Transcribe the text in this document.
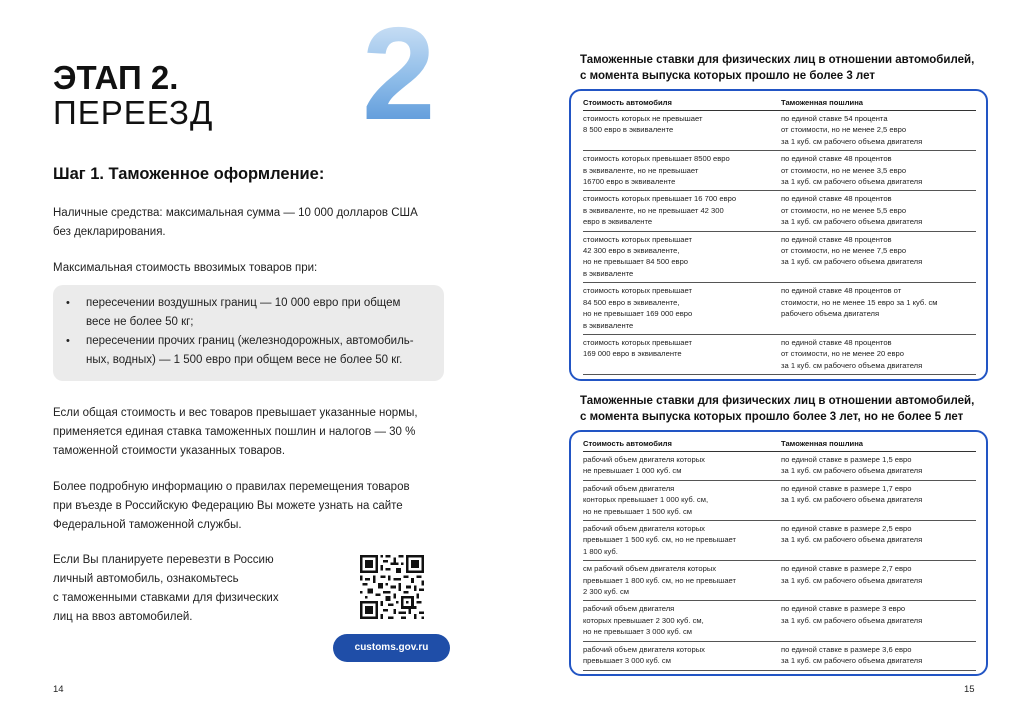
2
ЭТАП 2.
ПЕРЕЕЗД
Шаг 1. Таможенное оформление:
Наличные средства: максимальная сумма — 10 000 долларов США
без декларирования.
Максимальная стоимость ввозимых товаров при:
• пересечении воздушных границ — 10 000 евро при общем
весе не более 50 кг;
• пересечении прочих границ (железнодорожных, автомобиль-
ных, водных) — 1 500 евро при общем весе не более 50 кг.
Если общая стоимость и вес товаров превышает указанные нормы,
применяется единая ставка таможенных пошлин и налогов — 30 %
таможенной стоимости указанных товаров.
Более подробную информацию о правилах перемещения товаров
при въезде в Российскую Федерацию Вы можете узнать на сайте
Федеральной таможенной службы.
Если Вы планируете перевезти в Россию
личный автомобиль, ознакомьтесь
с таможенными ставками для физических
лиц на ввоз автомобилей.
customs.gov.ru
14
Таможенные ставки для физических лиц в отношении автомобилей,
с момента выпуска которых прошло не более 3 лет
Стоимость автомобиля	Таможенная пошлина

стоимость которых не превышает
8 500 евро в эквиваленте	по единой ставке 54 процента
от стоимости, но не менее 2,5 евро
за 1 куб. см рабочего объема двигателя

стоимость которых превышает 8500 евро
в эквиваленте, но не превышает
16700 евро в эквиваленте	по единой ставке 48 процентов
от стоимости, но не менее 3,5 евро
за 1 куб. см рабочего объема двигателя

стоимость которых превышает 16 700 евро
в эквиваленте, но не превышает 42 300
евро в эквиваленте	по единой ставке 48 процентов
от стоимости, но не менее 5,5 евро
за 1 куб. см рабочего объема двигателя

стоимость которых превышает
42 300 евро в эквиваленте,
но не превышает 84 500 евро
в эквиваленте	по единой ставке 48 процентов
от стоимости, но не менее 7,5 евро
за 1 куб. см рабочего объема двигателя

стоимость которых превышает
84 500 евро в эквиваленте,
но не превышает 169 000 евро
в эквиваленте	по единой ставке 48 процентов от
стоимости, но не менее 15 евро за 1 куб. см
рабочего объема двигателя

стоимость которых превышает
169 000 евро в эквиваленте	по единой ставке 48 процентов
от стоимости, но не менее 20 евро
за 1 куб. см рабочего объема двигателя
Таможенные ставки для физических лиц в отношении автомобилей,
с момента выпуска которых прошло более 3 лет, но не более 5 лет
Стоимость автомобиля	Таможенная пошлина

рабочий объем двигателя которых
не превышает 1 000 куб. см	по единой ставке в размере 1,5 евро
за 1 куб. см рабочего объема двигателя

рабочий объем двигателя
конторых превышает 1 000 куб. см,
но не превышает 1 500 куб. см	по единой ставке в размере 1,7 евро
за 1 куб. см рабочего объема двигателя

рабочий объем двигателя которых
превышает 1 500 куб. см, но не превышает
1 800 куб.	по единой ставке в размере 2,5 евро
за 1 куб. см рабочего объема двигателя

см рабочий объем двигателя которых
превышает 1 800 куб. см, но не превышает
2 300 куб. см	по единой ставке в размере 2,7 евро
за 1 куб. см рабочего объема двигателя

рабочий объем двигателя
которых превышает 2 300 куб. см,
но не превышает 3 000 куб. см	по единой ставке в размере 3 евро
за 1 куб. см рабочего объема двигателя

рабочий объем двигателя которых
превышает 3 000 куб. см	по единой ставке в размере 3,6 евро
за 1 куб. см рабочего объема двигателя
15
